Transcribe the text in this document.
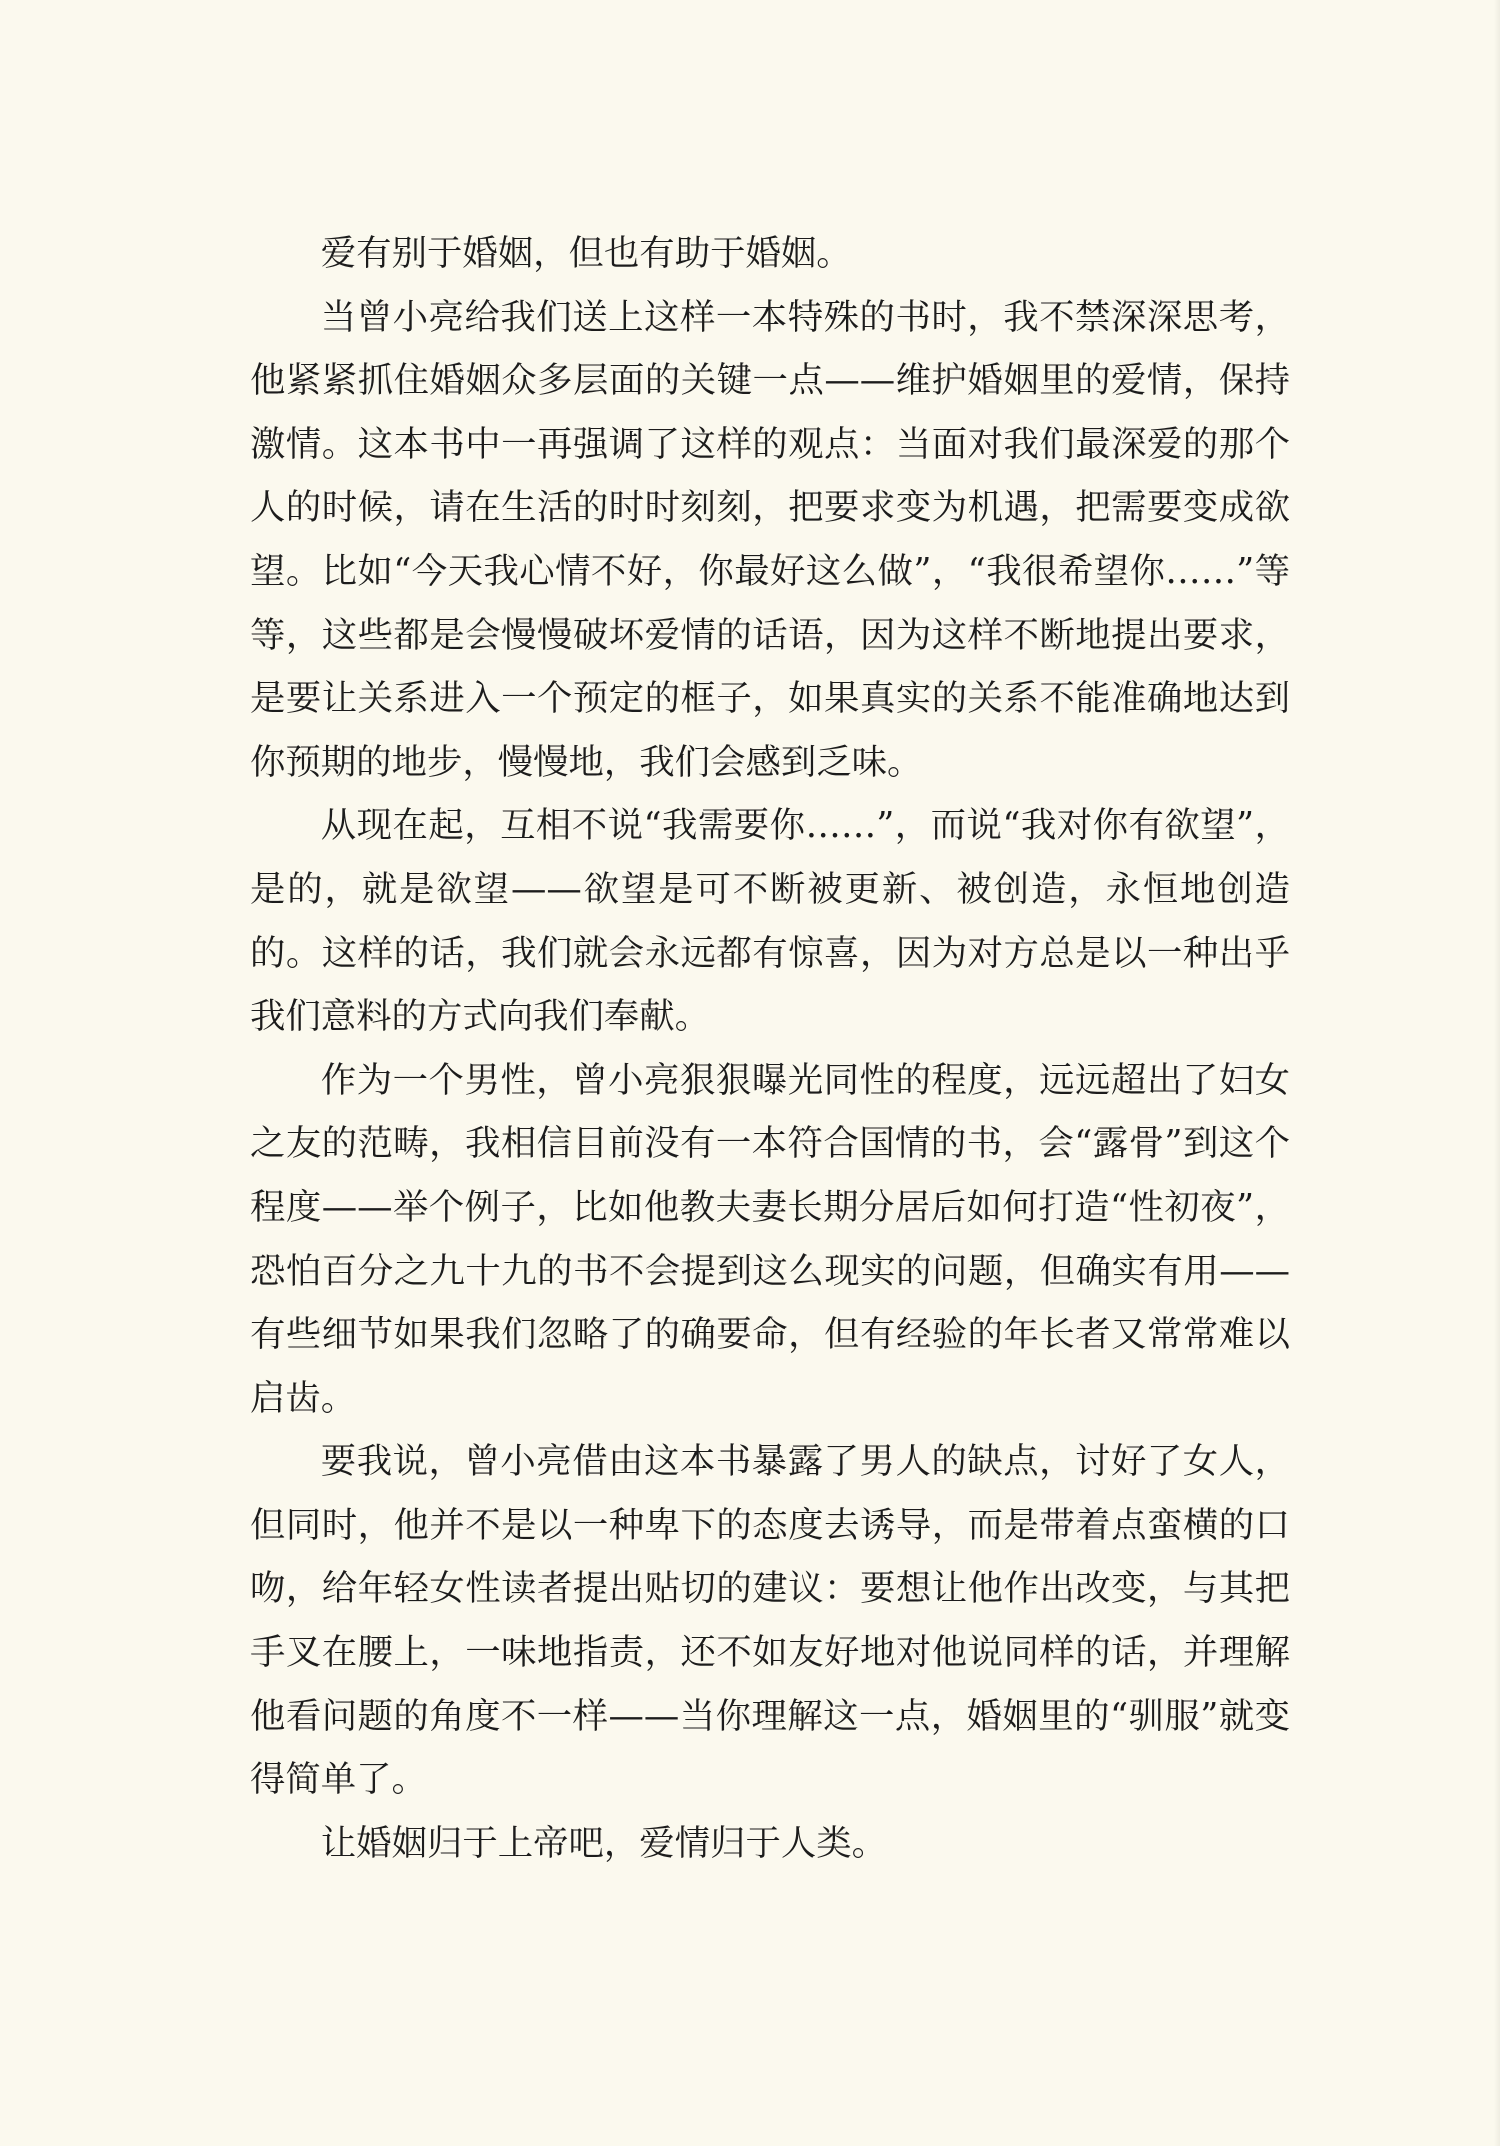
爱有别于婚姻，但也有助于婚姻。

当曾小亮给我们送上这样一本特殊的书时，我不禁深深思考，他紧紧抓住婚姻众多层面的关键一点——维护婚姻里的爱情，保持激情。这本书中一再强调了这样的观点：当面对我们最深爱的那个人的时候，请在生活的时时刻刻，把要求变为机遇，把需要变成欲望。比如“今天我心情不好，你最好这么做”，“我很希望你……”等等，这些都是会慢慢破坏爱情的话语，因为这样不断地提出要求，是要让关系进入一个预定的框子，如果真实的关系不能准确地达到你预期的地步，慢慢地，我们会感到乏味。

从现在起，互相不说“我需要你……”，而说“我对你有欲望”，是的，就是欲望——欲望是可不断被更新、被创造，永恒地创造的。这样的话，我们就会永远都有惊喜，因为对方总是以一种出乎我们意料的方式向我们奉献。

作为一个男性，曾小亮狠狠曝光同性的程度，远远超出了妇女之友的范畴，我相信目前没有一本符合国情的书，会“露骨”到这个程度——举个例子，比如他教夫妻长期分居后如何打造“性初夜”，恐怕百分之九十九的书不会提到这么现实的问题，但确实有用——有些细节如果我们忽略了的确要命，但有经验的年长者又常常难以启齿。

要我说，曾小亮借由这本书暴露了男人的缺点，讨好了女人，但同时，他并不是以一种卑下的态度去诱导，而是带着点蛮横的口吻，给年轻女性读者提出贴切的建议：要想让他作出改变，与其把手叉在腰上，一味地指责，还不如友好地对他说同样的话，并理解他看问题的角度不一样——当你理解这一点，婚姻里的“驯服”就变得简单了。

让婚姻归于上帝吧，爱情归于人类。
